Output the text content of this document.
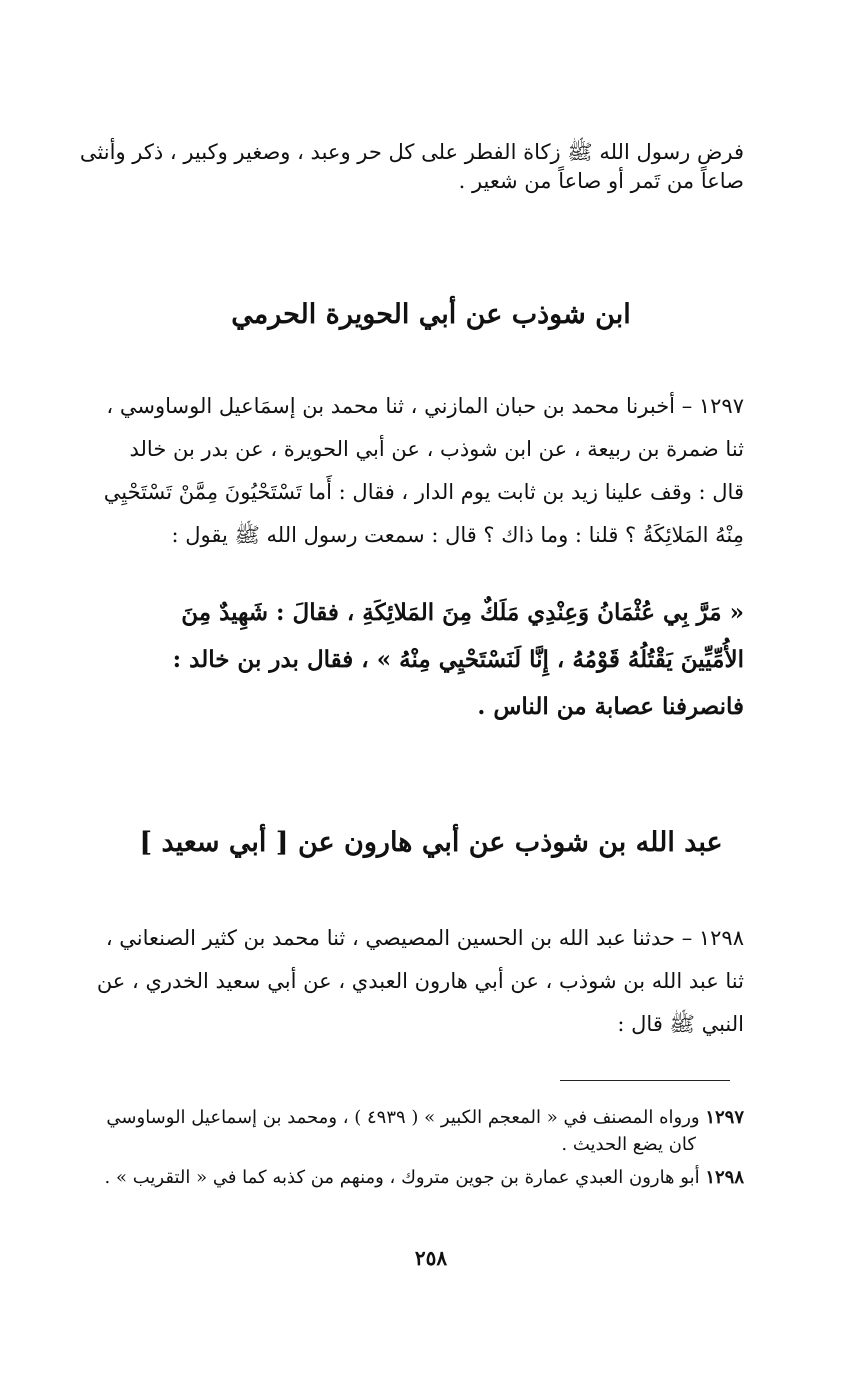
فرض رسول الله ﷺ زكاة الفطر على كل حر وعبد ، وصغير وكبير ، ذكر وأنثى
صاعاً من تَمر أو صاعاً من شعير .
ابن شوذب عن أبي الحويرة الحرمي
١٢٩٧ – أخبرنا محمد بن حبان المازني ، ثنا محمد بن إسمَاعيل الوساوسي ،
ثنا ضمرة بن ربيعة ، عن ابن شوذب ، عن أبي الحويرة ، عن بدر بن خالد
قال : وقف علينا زيد بن ثابت يوم الدار ، فقال : أَما تَسْتَحْيُونَ مِمَّنْ تَسْتَحْيِي
مِنْهُ المَلائِكَةُ ؟ قلنا : وما ذاك ؟ قال : سمعت رسول الله ﷺ يقول :
« مَرَّ بِي عُثْمَانُ وَعِنْدِي مَلَكٌ مِنَ المَلائِكَةِ ، فقالَ : شَهِيدٌ مِنَ
الأُمِّيِّينَ يَقْتُلُهُ قَوْمُهُ ، إِنَّا لَنَسْتَحْيِي مِنْهُ » ، فقال بدر بن خالد :
فانصرفنا عصابة من الناس .
عبد الله بن شوذب عن أبي هارون عن [ أبي سعيد ]
١٢٩٨ – حدثنا عبد الله بن الحسين المصيصي ، ثنا محمد بن كثير الصنعاني ،
ثنا عبد الله بن شوذب ، عن أبي هارون العبدي ، عن أبي سعيد الخدري ، عن
النبي ﷺ قال :
١٢٩٧ ورواه المصنف في « المعجم الكبير » ( ٤٩٣٩ ) ، ومحمد بن إسماعيل الوساوسي
كان يضع الحديث .
١٢٩٨ أبو هارون العبدي عمارة بن جوين متروك ، ومنهم من كذبه كما في « التقريب » .
٢٥٨
